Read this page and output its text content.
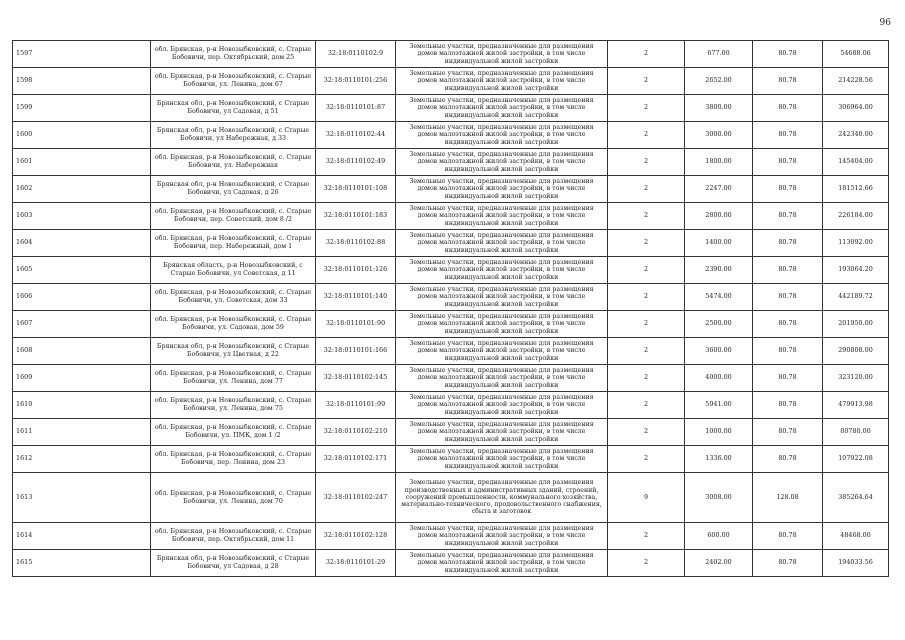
96
1597	обл. Брянская, р-н Новозыбковский, с. Старые Бобовичи, пер. Октябрьский, дом 25	32:18:0110102:9	Земельные участки, предназначенные для размещения домов малоэтажной жилой застройки, в том числе индивидуальной жилой застройки	2	677.00	80.78	54688.06
1598	обл. Брянская, р-н Новозыбковский, с. Старые Бобовичи, ул. Ленина, дом 67	32:18:0110101:256	Земельные участки, предназначенные для размещения домов малоэтажной жилой застройки, в том числе индивидуальной жилой застройки	2	2652.00	80.78	214228.56
1599	Брянская обл, р-н Новозыбковский, с Старые Бобовичи, ул Садовая, д 51	32:18:0110101:87	Земельные участки, предназначенные для размещения домов малоэтажной жилой застройки, в том числе индивидуальной жилой застройки	2	3800.00	80.78	306964.00
1600	Брянская обл, р-н Новозыбковский, с Старые Бобовичи, ул Набережная, д 33	32:18:0110102:44	Земельные участки, предназначенные для размещения домов малоэтажной жилой застройки, в том числе индивидуальной жилой застройки	2	3000.00	80.78	242340.00
1601	обл. Брянская, р-н Новозыбковский, с. Старые Бобовичи, ул. Набережная	32:18:0110102:49	Земельные участки, предназначенные для размещения домов малоэтажной жилой застройки, в том числе индивидуальной жилой застройки	2	1800.00	80.78	145404.00
1602	Брянская обл, р-н Новозыбковский, с Старые Бобовичи, ул Садовая, д 26	32:18:0110101:108	Земельные участки, предназначенные для размещения домов малоэтажной жилой застройки, в том числе индивидуальной жилой застройки	2	2247.00	80.78	181512.66
1603	обл. Брянская, р-н Новозыбковский, с. Старые Бобовичи, пер. Советский, дом 8 /2	32:18:0110101:183	Земельные участки, предназначенные для размещения домов малоэтажной жилой застройки, в том числе индивидуальной жилой застройки	2	2800.00	80.78	226184.00
1604	обл. Брянская, р-н Новозыбковский, с. Старые Бобовичи, пер. Набережный, дом 1	32:18:0110102:88	Земельные участки, предназначенные для размещения домов малоэтажной жилой застройки, в том числе индивидуальной жилой застройки	2	1400.00	80.78	113092.00
1605	Брянская область, р-н Новозыбковский, с Старые Бобовичи, ул Советская, д 11	32:18:0110101:126	Земельные участки, предназначенные для размещения домов малоэтажной жилой застройки, в том числе индивидуальной жилой застройки	2	2390.00	80.78	193064.20
1606	обл. Брянская, р-н Новозыбковский, с. Старые Бобовичи, ул. Советская, дом 33	32:18:0110101:140	Земельные участки, предназначенные для размещения домов малоэтажной жилой застройки, в том числе индивидуальной жилой застройки	2	5474.00	80.78	442189.72
1607	обл. Брянская, р-н Новозыбковский, с. Старые Бобовичи, ул. Садовая, дом 59	32:18:0110101:90	Земельные участки, предназначенные для размещения домов малоэтажной жилой застройки, в том числе индивидуальной жилой застройки	2	2500.00	80.78	201950.00
1608	Брянская обл, р-н Новозыбковский, с Старые Бобовичи, ул Цветная, д 22	32:18:0110101:166	Земельные участки, предназначенные для размещения домов малоэтажной жилой застройки, в том числе индивидуальной жилой застройки	2	3600.00	80.78	290808.00
1609	обл. Брянская, р-н Новозыбковский, с. Старые Бобовичи, ул. Ленина, дом 77	32:18:0110102:145	Земельные участки, предназначенные для размещения домов малоэтажной жилой застройки, в том числе индивидуальной жилой застройки	2	4000.00	80.78	323120.00
1610	обл. Брянская, р-н Новозыбковский, с. Старые Бобовичи, ул. Ленина, дом 75	32:18:0110101:99	Земельные участки, предназначенные для размещения домов малоэтажной жилой застройки, в том числе индивидуальной жилой застройки	2	5941.00	80.78	479913.98
1611	обл. Брянская, р-н Новозыбковский, с. Старые Бобовичи, ул. ПМК, дом 1 /2	32:18:0110102:210	Земельные участки, предназначенные для размещения домов малоэтажной жилой застройки, в том числе индивидуальной жилой застройки	2	1000.00	80.78	80780.00
1612	обл. Брянская, р-н Новозыбковский, с. Старые Бобовичи, пер. Ленина, дом 23	32:18:0110102:171	Земельные участки, предназначенные для размещения домов малоэтажной жилой застройки, в том числе индивидуальной жилой застройки	2	1336.00	80.78	107922.08
1613	обл. Брянская, р-н Новозыбковский, с. Старые Бобовичи, ул. Ленина, дом 70	32:18:0110102:247	Земельные участки, предназначенные для размещения производственных и административных зданий, строений, сооружений промышленности, коммунального хозяйства, материально-технического, продовольственного снабжения, сбыта и заготовок	9	3008.00	128.08	385264.64
1614	обл. Брянская, р-н Новозыбковский, с. Старые Бобовичи, пер. Октябрьский, дом 11	32:18:0110102:128	Земельные участки, предназначенные для размещения домов малоэтажной жилой застройки, в том числе индивидуальной жилой застройки	2	600.00	80.78	48468.00
1615	Брянская обл, р-н Новозыбковский, с Старые Бобовичи, ул Садовая, д 28	32:18:0110101:29	Земельные участки, предназначенные для размещения домов малоэтажной жилой застройки, в том числе индивидуальной жилой застройки	2	2402.00	80.78	194033.56
